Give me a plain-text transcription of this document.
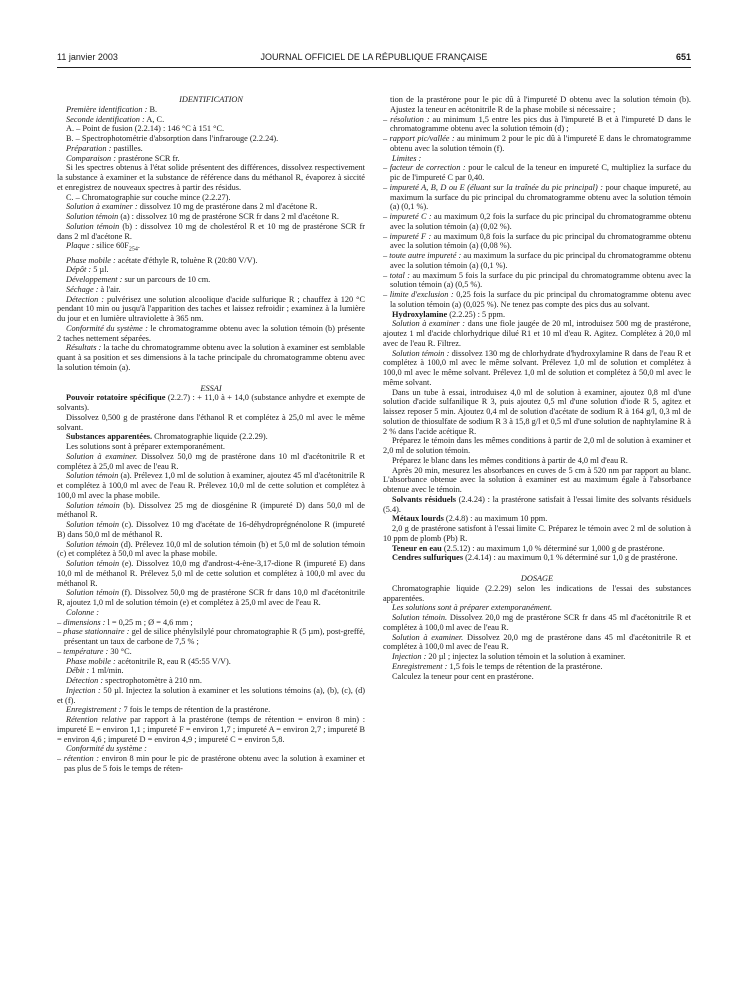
11 janvier 2003	JOURNAL OFFICIEL DE LA RÉPUBLIQUE FRANÇAISE	651

IDENTIFICATION

Première identification : B.

Seconde identification : A, C.

A. – Point de fusion (2.2.14) : 146 °C à 151 °C.

B. – Spectrophotométrie d'absorption dans l'infrarouge (2.2.24).

Préparation : pastilles.

Comparaison : prastérone SCR fr.

Si les spectres obtenus à l'état solide présentent des différences, dissolvez respectivement la substance à examiner et la substance de référence dans du méthanol R, évaporez à siccité et enregistrez de nouveaux spectres à partir des résidus.

C. – Chromatographie sur couche mince (2.2.27).

Solution à examiner : dissolvez 10 mg de prastérone dans 2 ml d'acétone R.

Solution témoin (a) : dissolvez 10 mg de prastérone SCR fr dans 2 ml d'acétone R.

Solution témoin (b) : dissolvez 10 mg de cholestérol R et 10 mg de prastérone SCR fr dans 2 ml d'acétone R.

Plaque : silice $60F_{254}$.

Phase mobile : acétate d'éthyle R, toluène R (20:80 V/V).

Dépôt : 5 µl.

Développement : sur un parcours de 10 cm.

Séchage : à l'air.

Détection : pulvérisez une solution alcoolique d'acide sulfurique R ; chauffez à 120 °C pendant 10 min ou jusqu'à l'apparition des taches et laissez refroidir ; examinez à la lumière du jour et en lumière ultraviolette à 365 nm.

Conformité du système : le chromatogramme obtenu avec la solution témoin (b) présente 2 taches nettement séparées.

Résultats : la tache du chromatogramme obtenu avec la solution à examiner est semblable quant à sa position et ses dimensions à la tache principale du chromatogramme obtenu avec la solution témoin (a).

ESSAI

Pouvoir rotatoire spécifique (2.2.7) : + 11,0 à + 14,0 (substance anhydre et exempte de solvants).

Dissolvez 0,500 g de prastérone dans l'éthanol R et complétez à 25,0 ml avec le même solvant.

Substances apparentées. Chromatographie liquide (2.2.29).

Les solutions sont à préparer extemporanément.

Solution à examiner. Dissolvez 50,0 mg de prastérone dans 10 ml d'acétonitrile R et complétez à 25,0 ml avec de l'eau R.

Solution témoin (a). Prélevez 1,0 ml de solution à examiner, ajoutez 45 ml d'acétonitrile R et complétez à 100,0 ml avec de l'eau R. Prélevez 10,0 ml de cette solution et complétez à 100,0 ml avec la phase mobile.

Solution témoin (b). Dissolvez 25 mg de diosgénine R (impureté D) dans 50,0 ml de méthanol R.

Solution témoin (c). Dissolvez 10 mg d'acétate de 16-déhydroprégnénolone R (impureté B) dans 50,0 ml de méthanol R.

Solution témoin (d). Prélevez 10,0 ml de solution témoin (b) et 5,0 ml de solution témoin (c) et complétez à 50,0 ml avec la phase mobile.

Solution témoin (e). Dissolvez 10,0 mg d'androst-4-ène-3,17-dione R (impureté E) dans 10,0 ml de méthanol R. Prélevez 5,0 ml de cette solution et complétez à 100,0 ml avec du méthanol R.

Solution témoin (f). Dissolvez 50,0 mg de prastérone SCR fr dans 10,0 ml d'acétonitrile R, ajoutez 1,0 ml de solution témoin (e) et complétez à 25,0 ml avec de l'eau R.

Colonne :

– dimensions : l = 0,25 m ; Ø = 4,6 mm ;

– phase stationnaire : gel de silice phénylsilylé pour chromatographie R (5 µm), post-greffé, présentant un taux de carbone de 7,5 % ;

– température : 30 °C.

Phase mobile : acétonitrile R, eau R (45:55 V/V).

Débit : 1 ml/min.

Détection : spectrophotomètre à 210 nm.

Injection : 50 µl. Injectez la solution à examiner et les solutions témoins (a), (b), (c), (d) et (f).

Enregistrement : 7 fois le temps de rétention de la prastérone.

Rétention relative par rapport à la prastérone (temps de rétention = environ 8 min) : impureté E = environ 1,1 ; impureté F = environ 1,7 ; impureté A = environ 2,7 ; impureté B = environ 4,6 ; impureté D = environ 4,9 ; impureté C = environ 5,8.

Conformité du système :

– rétention : environ 8 min pour le pic de prastérone obtenu avec la solution à examiner et pas plus de 5 fois le temps de réten-

tion de la prastérone pour le pic dû à l'impureté D obtenu avec la solution témoin (b). Ajustez la teneur en acétonitrile R de la phase mobile si nécessaire ;

– résolution : au minimum 1,5 entre les pics dus à l'impureté B et à l'impureté D dans le chromatogramme obtenu avec la solution témoin (d) ;

– rapport pic/vallée : au minimum 2 pour le pic dû à l'impureté E dans le chromatogramme obtenu avec la solution témoin (f).

Limites :

– facteur de correction : pour le calcul de la teneur en impureté C, multipliez la surface du pic de l'impureté C par 0,40.

– impureté A, B, D ou E (éluant sur la traînée du pic principal) : pour chaque impureté, au maximum la surface du pic principal du chromatogramme obtenu avec la solution témoin (a) (0,1 %).

– impureté C : au maximum 0,2 fois la surface du pic principal du chromatogramme obtenu avec la solution témoin (a) (0,02 %).

– impureté F : au maximum 0,8 fois la surface du pic principal du chromatogramme obtenu avec la solution témoin (a) (0,08 %).

– toute autre impureté : au maximum la surface du pic principal du chromatogramme obtenu avec la solution témoin (a) (0,1 %).

– total : au maximum 5 fois la surface du pic principal du chromatogramme obtenu avec la solution témoin (a) (0,5 %).

– limite d'exclusion : 0,25 fois la surface du pic principal du chromatogramme obtenu avec la solution témoin (a) (0,025 %). Ne tenez pas compte des pics dus au solvant.

Hydroxylamine (2.2.25) : 5 ppm.

Solution à examiner : dans une fiole jaugée de 20 ml, introduisez 500 mg de prastérone, ajoutez 1 ml d'acide chlorhydrique dilué R1 et 10 ml d'eau R. Agitez. Complétez à 20,0 ml avec de l'eau R. Filtrez.

Solution témoin : dissolvez 130 mg de chlorhydrate d'hydroxylamine R dans de l'eau R et complétez à 100,0 ml avec le même solvant. Prélevez 1,0 ml de solution et complétez à 100,0 ml avec le même solvant. Prélevez 1,0 ml de solution et complétez à 50,0 ml avec le même solvant.

Dans un tube à essai, introduisez 4,0 ml de solution à examiner, ajoutez 0,8 ml d'une solution d'acide sulfanilique R 3, puis ajoutez 0,5 ml d'une solution d'iode R 5, agitez et laissez reposer 5 min. Ajoutez 0,4 ml de solution d'acétate de sodium R à 164 g/l, 0,3 ml de solution de thiosulfate de sodium R 3 à 15,8 g/l et 0,5 ml d'une solution de naphtylamine R à 2 % dans l'acide acétique R.

Préparez le témoin dans les mêmes conditions à partir de 2,0 ml de solution à examiner et 2,0 ml de solution témoin.

Préparez le blanc dans les mêmes conditions à partir de 4,0 ml d'eau R.

Après 20 min, mesurez les absorbances en cuves de 5 cm à 520 nm par rapport au blanc. L'absorbance obtenue avec la solution à examiner est au maximum égale à l'absorbance obtenue avec le témoin.

Solvants résiduels (2.4.24) : la prastérone satisfait à l'essai limite des solvants résiduels (5.4).

Métaux lourds (2.4.8) : au maximum 10 ppm.

2,0 g de prastérone satisfont à l'essai limite C. Préparez le témoin avec 2 ml de solution à 10 ppm de plomb (Pb) R.

Teneur en eau (2.5.12) : au maximum 1,0 % déterminé sur 1,000 g de prastérone.

Cendres sulfuriques (2.4.14) : au maximum 0,1 % déterminé sur 1,0 g de prastérone.

DOSAGE

Chromatographie liquide (2.2.29) selon les indications de l'essai des substances apparentées.

Les solutions sont à préparer extemporanément.

Solution témoin. Dissolvez 20,0 mg de prastérone SCR fr dans 45 ml d'acétonitrile R et complétez à 100,0 ml avec de l'eau R.

Solution à examiner. Dissolvez 20,0 mg de prastérone dans 45 ml d'acétonitrile R et complétez à 100,0 ml avec de l'eau R.

Injection : 20 µl ; injectez la solution témoin et la solution à examiner.

Enregistrement : 1,5 fois le temps de rétention de la prastérone.

Calculez la teneur pour cent en prastérone.
